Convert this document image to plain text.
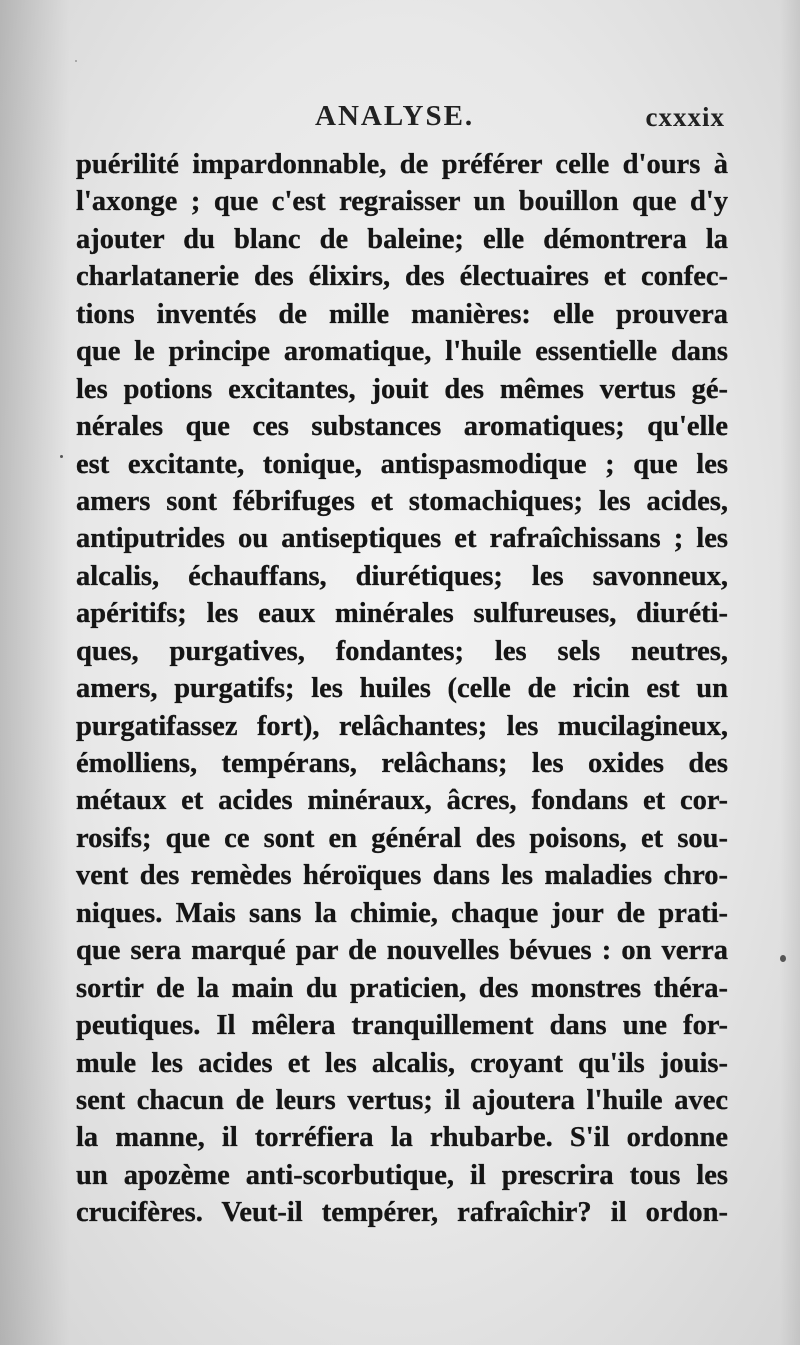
ANALYSE.	cxxxix
puérilité impardonnable, de préférer celle d'ours à
l'axonge ; que c'est regraisser un bouillon que d'y
ajouter du blanc de baleine; elle démontrera la
charlatanerie des élixirs, des électuaires et confec-
tions inventés de mille manières: elle prouvera
que le principe aromatique, l'huile essentielle dans
les potions excitantes, jouit des mêmes vertus gé-
nérales que ces substances aromatiques; qu'elle
est excitante, tonique, antispasmodique ; que les
amers sont fébrifuges et stomachiques; les acides,
antiputrides ou antiseptiques et rafraîchissans ; les
alcalis, échauffans, diurétiques; les savonneux,
apéritifs; les eaux minérales sulfureuses, diuréti-
ques, purgatives, fondantes; les sels neutres,
amers, purgatifs; les huiles (celle de ricin est un
purgatifassez fort), relâchantes; les mucilagineux,
émolliens, tempérans, relâchans; les oxides des
métaux et acides minéraux, âcres, fondans et cor-
rosifs; que ce sont en général des poisons, et sou-
vent des remèdes héroïques dans les maladies chro-
niques. Mais sans la chimie, chaque jour de prati-
que sera marqué par de nouvelles bévues : on verra
sortir de la main du praticien, des monstres théra-
peutiques. Il mêlera tranquillement dans une for-
mule les acides et les alcalis, croyant qu'ils jouis-
sent chacun de leurs vertus; il ajoutera l'huile avec
la manne, il torréfiera la rhubarbe. S'il ordonne
un apozème anti-scorbutique, il prescrira tous les
crucifères. Veut-il tempérer, rafraîchir? il ordon-
